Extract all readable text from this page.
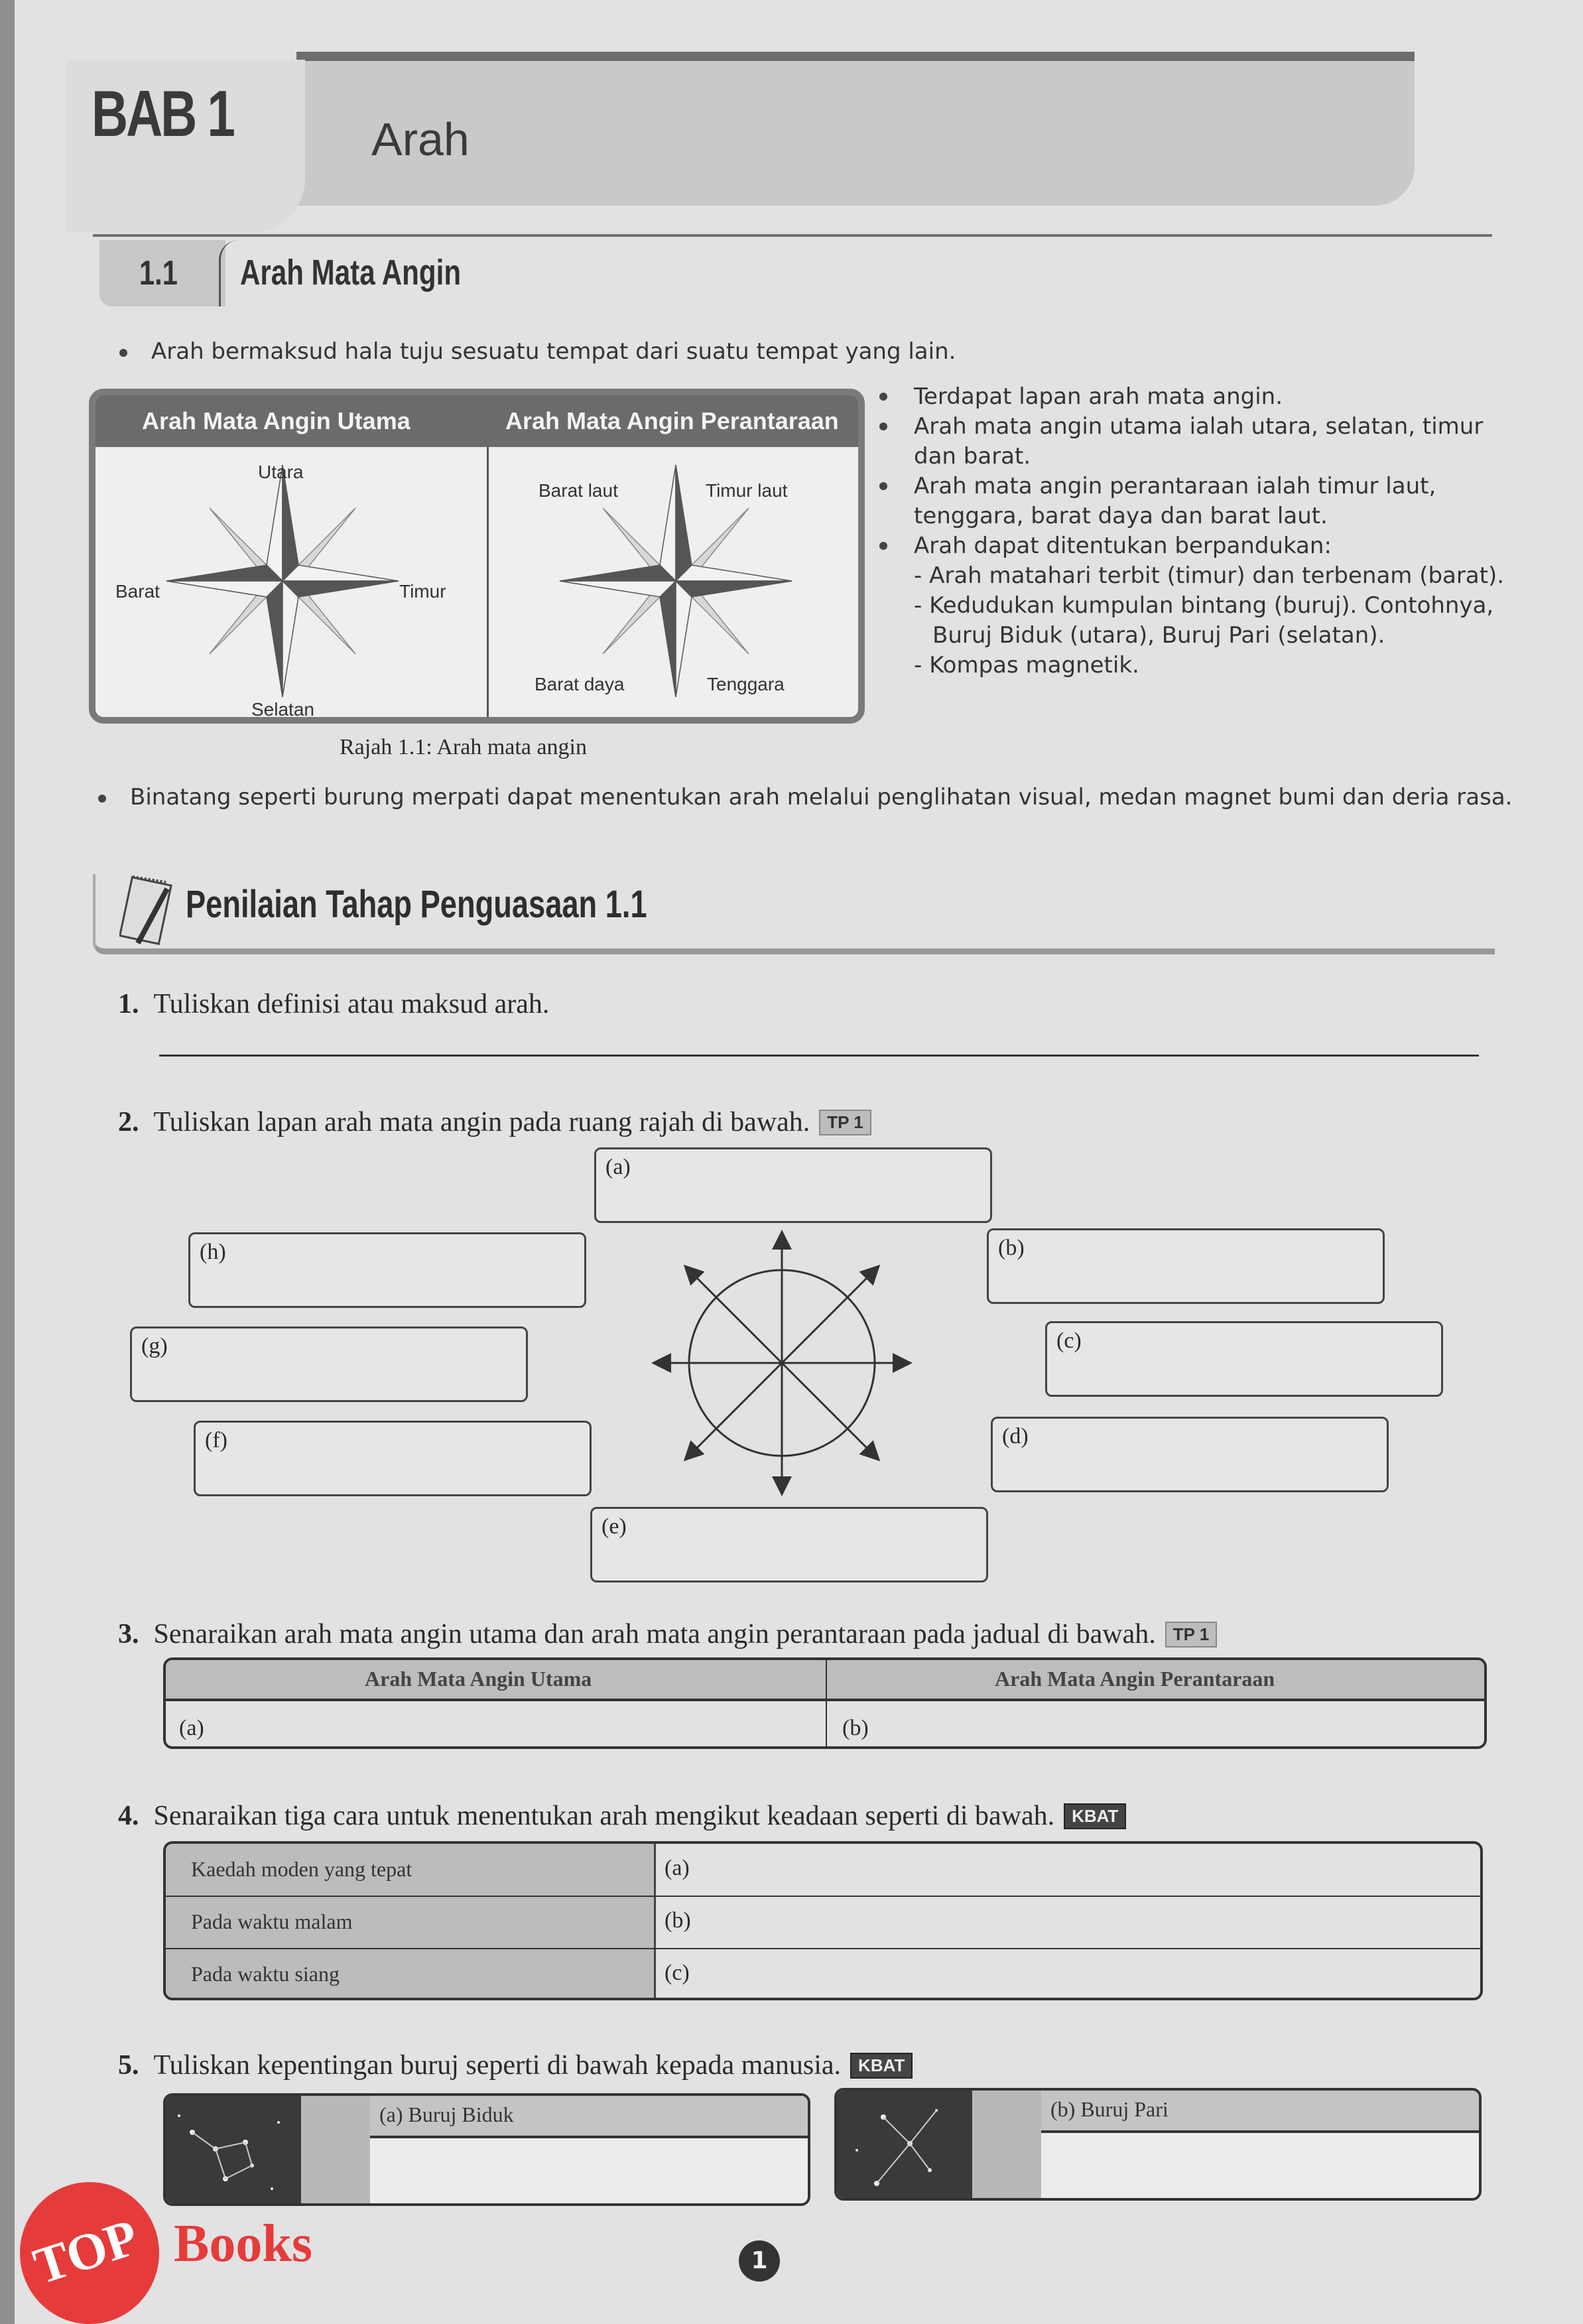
BAB 1	Arah
1.1 Arah Mata Angin
Arah bermaksud hala tuju sesuatu tempat dari suatu tempat yang lain.
Arah Mata Angin Utama	Arah Mata Angin Perantaraan
Utara
Barat	Timur
Selatan
Barat laut	Timur laut
Barat daya	Tenggara
Rajah 1.1: Arah mata angin
Terdapat lapan arah mata angin.
Arah mata angin utama ialah utara, selatan, timur
dan barat.
Arah mata angin perantaraan ialah timur laut,
tenggara, barat daya dan barat laut.
Arah dapat ditentukan berpandukan:
- Arah matahari terbit (timur) dan terbenam (barat).
- Kedudukan kumpulan bintang (buruj). Contohnya,
Buruj Biduk (utara), Buruj Pari (selatan).
- Kompas magnetik.
Binatang seperti burung merpati dapat menentukan arah melalui penglihatan visual, medan magnet bumi dan deria rasa.
Penilaian Tahap Penguasaan 1.1
1. Tuliskan definisi atau maksud arah.
2. Tuliskan lapan arah mata angin pada ruang rajah di bawah. TP 1
(a)
(b)
(c)
(d)
(e)
(f)
(g)
(h)
3. Senaraikan arah mata angin utama dan arah mata angin perantaraan pada jadual di bawah. TP 1
Arah Mata Angin Utama	Arah Mata Angin Perantaraan
(a)	(b)
4. Senaraikan tiga cara untuk menentukan arah mengikut keadaan seperti di bawah. KBAT
Kaedah moden yang tepat	(a)
Pada waktu malam	(b)
Pada waktu siang	(c)
5. Tuliskan kepentingan buruj seperti di bawah kepada manusia. KBAT
(a) Buruj Biduk	(b) Buruj Pari
TOP Books	1
